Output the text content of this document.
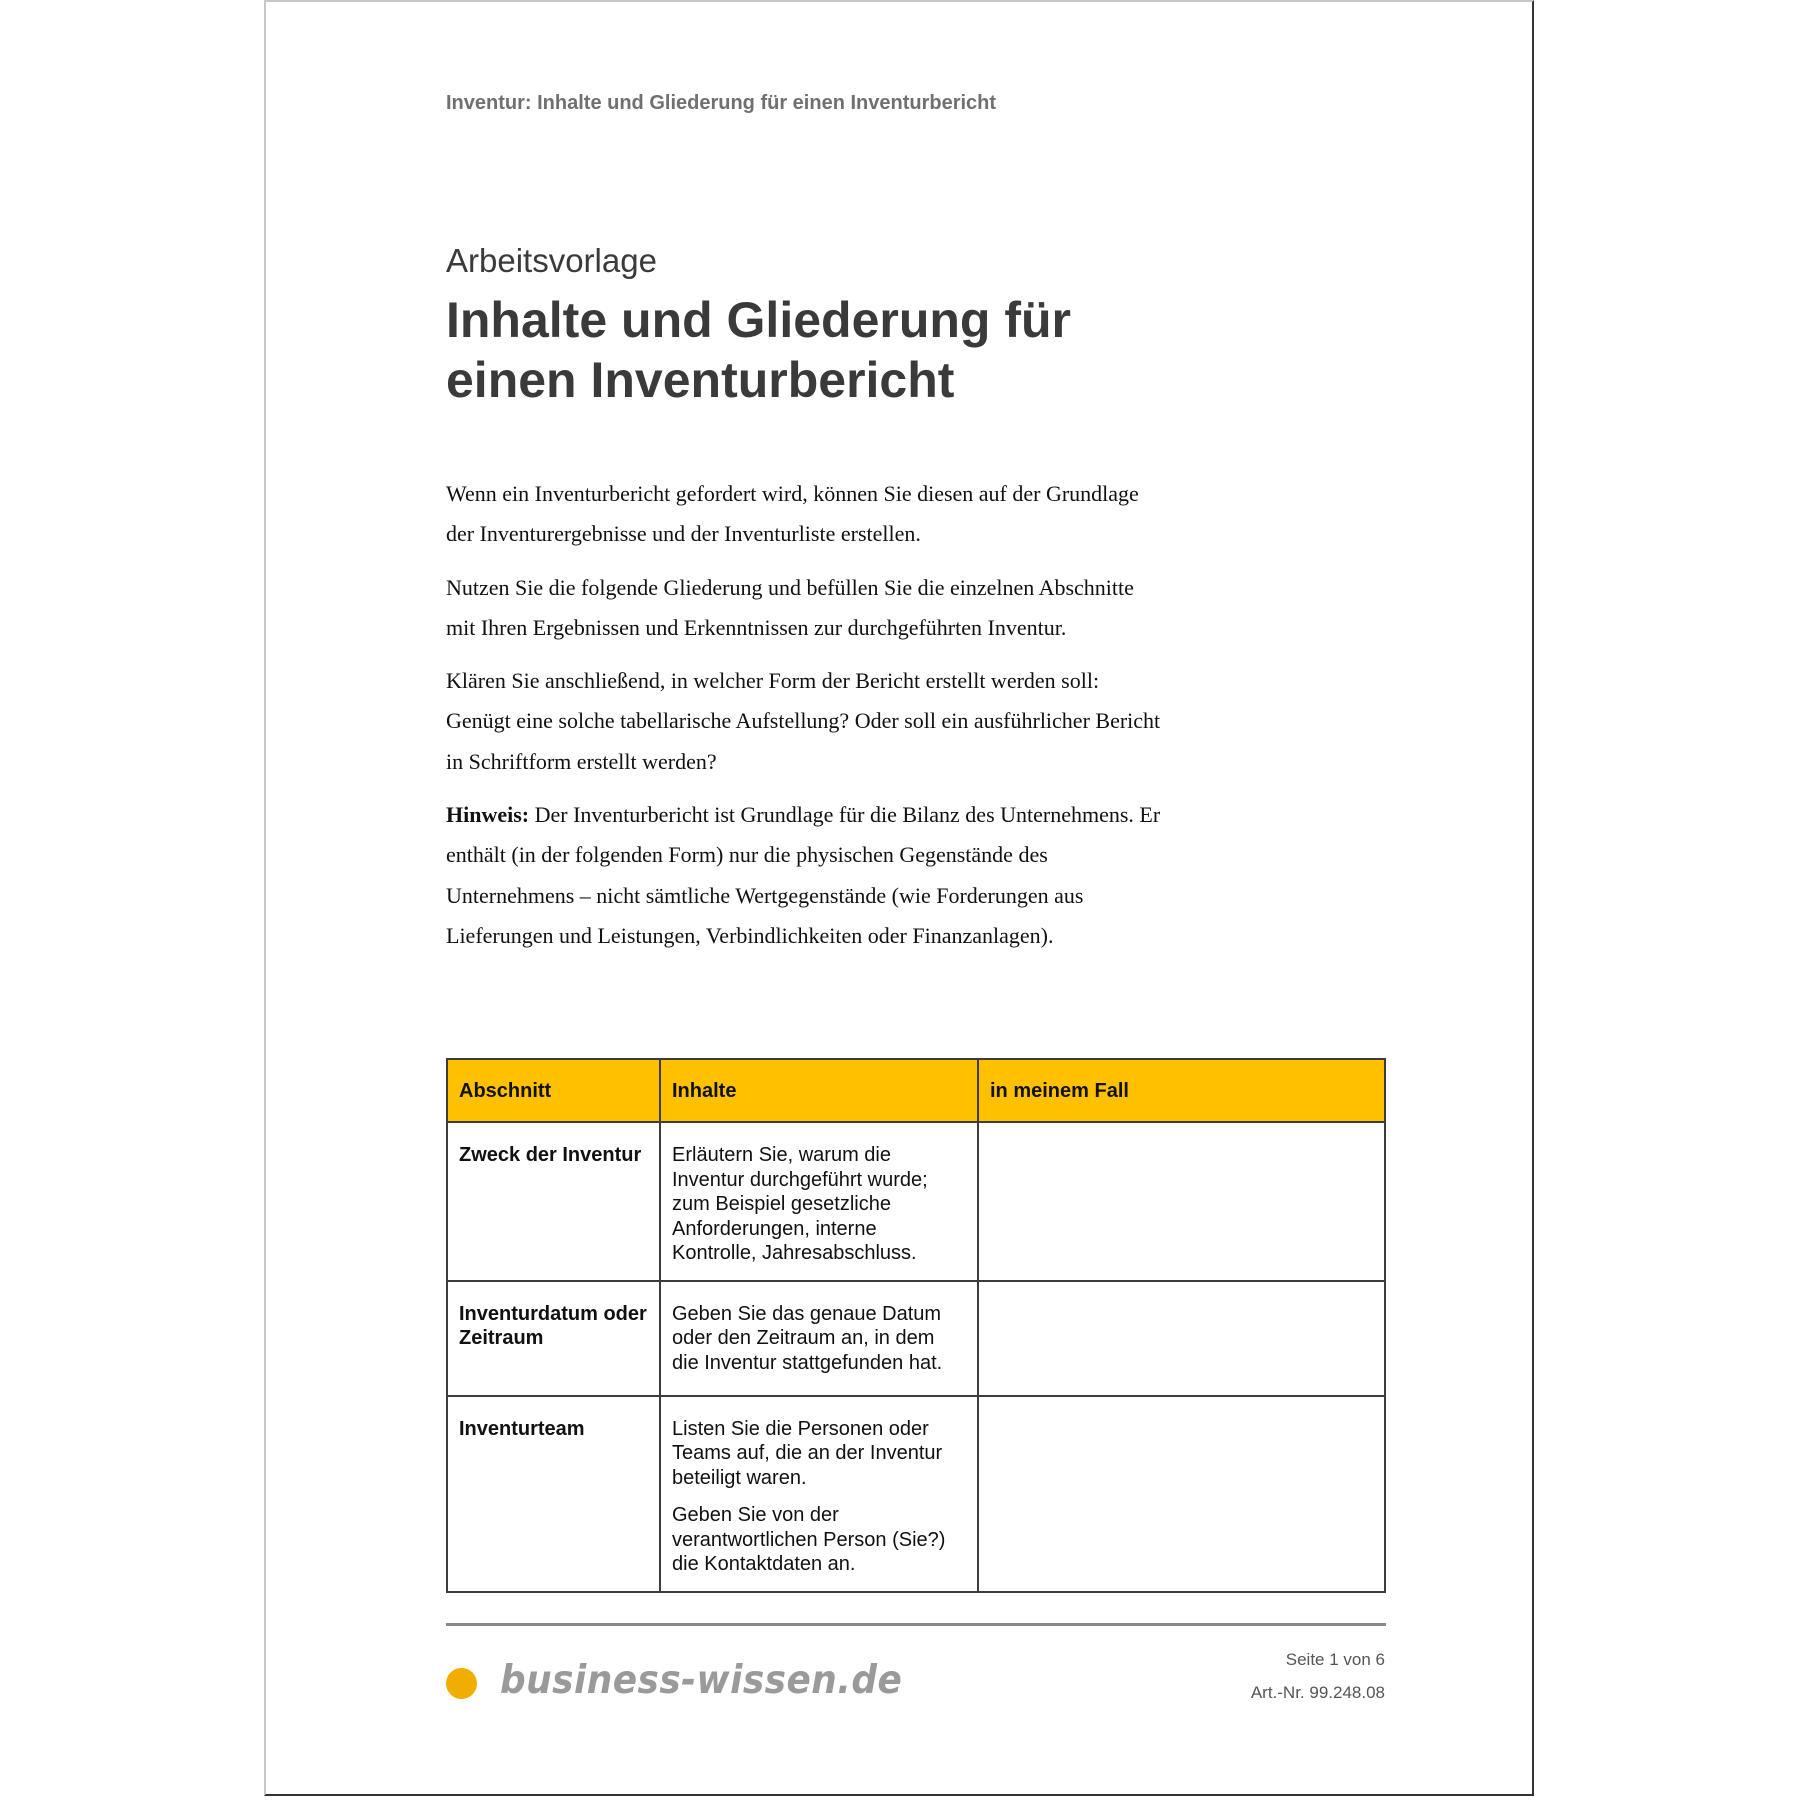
Inventur: Inhalte und Gliederung für einen Inventurbericht
Arbeitsvorlage
Inhalte und Gliederung für
einen Inventurbericht

Wenn ein Inventurbericht gefordert wird, können Sie diesen auf der Grundlage der Inventurergebnisse und der Inventurliste erstellen.

Nutzen Sie die folgende Gliederung und befüllen Sie die einzelnen Abschnitte mit Ihren Ergebnissen und Erkenntnissen zur durchgeführten Inventur.

Klären Sie anschließend, in welcher Form der Bericht erstellt werden soll: Genügt eine solche tabellarische Aufstellung? Oder soll ein ausführlicher Bericht in Schriftform erstellt werden?

Hinweis: Der Inventurbericht ist Grundlage für die Bilanz des Unternehmens. Er enthält (in der folgenden Form) nur die physischen Gegenstände des Unternehmens – nicht sämtliche Wertgegenstände (wie Forderungen aus Lieferungen und Leistungen, Verbindlichkeiten oder Finanzanlagen).

Abschnitt	Inhalte	in meinem Fall
Zweck der Inventur	Erläutern Sie, warum die Inventur durchgeführt wurde; zum Beispiel gesetzliche Anforderungen, interne Kontrolle, Jahresabschluss.	

Inventurdatum oder Zeitraum	Geben Sie das genaue Datum oder den Zeitraum an, in dem die Inventur stattgefunden hat.	

Inventurteam	Listen Sie die Personen oder Teams auf, die an der Inventur beteiligt waren.

Geben Sie von der verantwortlichen Person (Sie?) die Kontaktdaten an.	

business-wissen.de	Seite 1 von 6
Art.-Nr. 99.248.08
